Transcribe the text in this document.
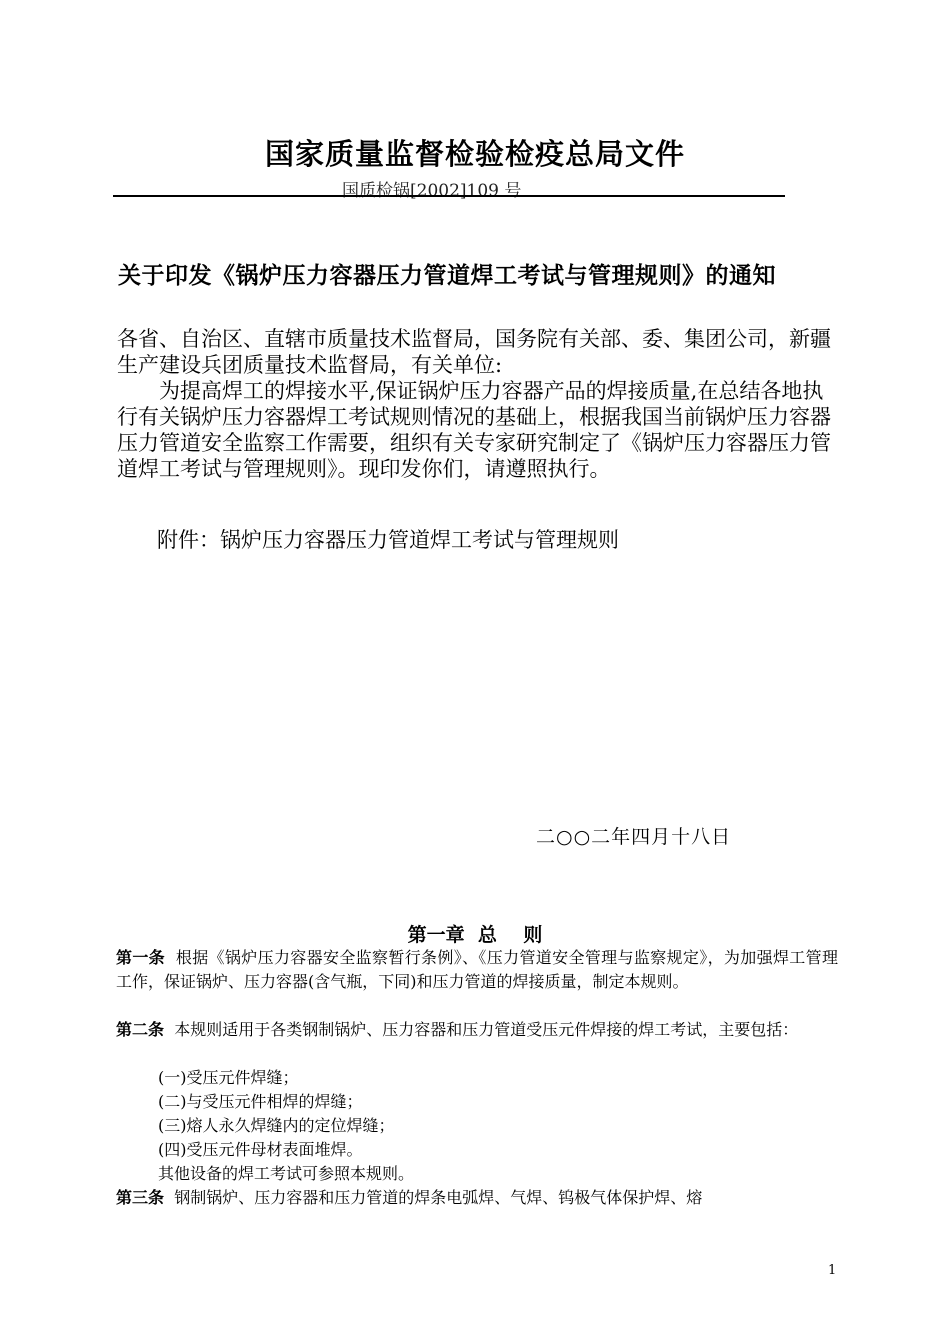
国家质量监督检验检疫总局文件
国质检锅[2002]109 号
关于印发《锅炉压力容器压力管道焊工考试与管理规则》的通知
各省、自治区、直辖市质量技术监督局，国务院有关部、委、集团公司，新疆生产建设兵团质量技术监督局，有关单位:
为提高焊工的焊接水平,保证锅炉压力容器产品的焊接质量,在总结各地执行有关锅炉压力容器焊工考试规则情况的基础上，根据我国当前锅炉压力容器压力管道安全监察工作需要，组织有关专家研究制定了《锅炉压力容器压力管道焊工考试与管理规则》。现印发你们，请遵照执行。
附件：锅炉压力容器压力管道焊工考试与管理规则
二○○二年四月十八日
第一章  总    则
第一条  根据《锅炉压力容器安全监察暂行条例》、《压力管道安全管理与监察规定》，为加强焊工管理工作，保证锅炉、压力容器(含气瓶，下同)和压力管道的焊接质量，制定本规则。
第二条  本规则适用于各类钢制锅炉、压力容器和压力管道受压元件焊接的焊工考试，主要包括：
(一)受压元件焊缝；
(二)与受压元件相焊的焊缝；
(三)熔人永久焊缝内的定位焊缝；
(四)受压元件母材表面堆焊。
其他设备的焊工考试可参照本规则。
第三条  钢制锅炉、压力容器和压力管道的焊条电弧焊、气焊、钨极气体保护焊、熔
1
